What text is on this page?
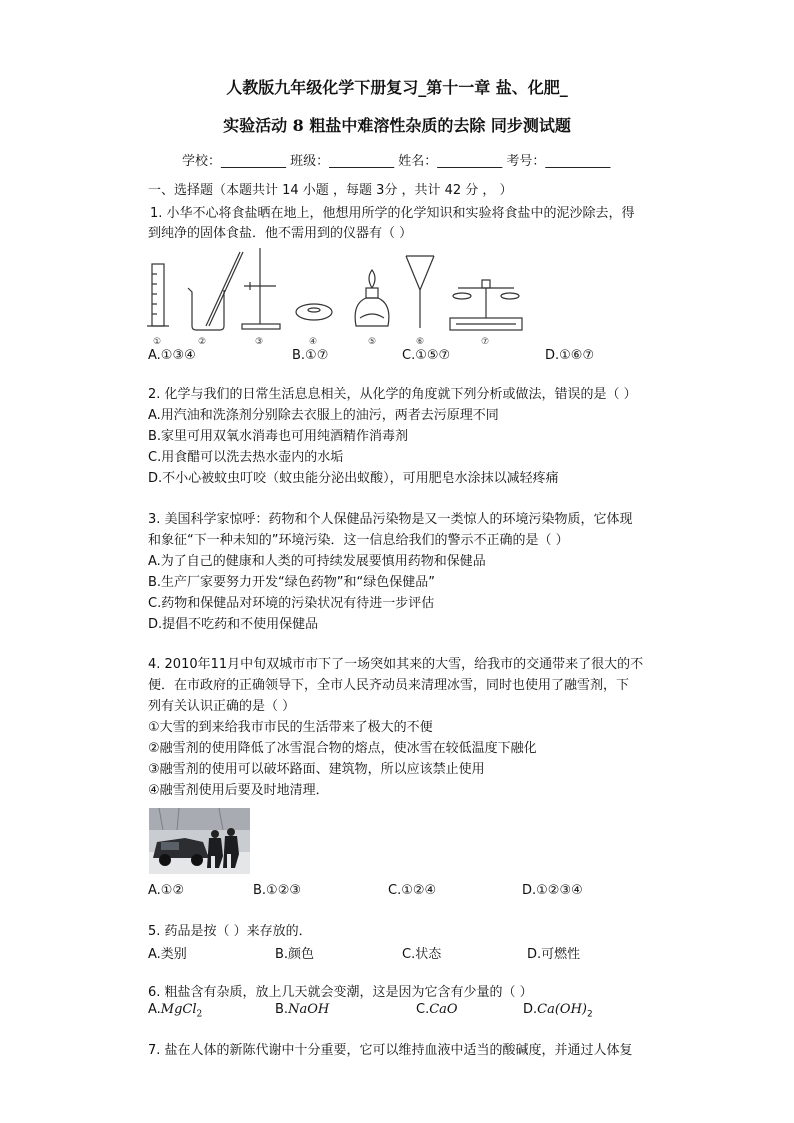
人教版九年级化学下册复习_第十一章 盐、化肥_
实验活动 8 粗盐中难溶性杂质的去除 同步测试题
学校：__________ 班级：__________ 姓名：__________ 考号：__________
一、选择题（本题共计 14 小题 ，每题 3分 ，共计 42 分 ， ）
1. 小华不心将食盐晒在地上，他想用所学的化学知识和实验将食盐中的泥沙除去，得
到纯净的固体食盐．他不需用到的仪器有（ ）
①	②	③	④	⑤	⑥	⑦
A.①③④	B.①⑦	C.①⑤⑦	D.①⑥⑦
2. 化学与我们的日常生活息息相关，从化学的角度就下列分析或做法，错误的是（ ）
A.用汽油和洗涤剂分别除去衣服上的油污，两者去污原理不同
B.家里可用双氧水消毒也可用纯酒精作消毒剂
C.用食醋可以洗去热水壶内的水垢
D.不小心被蚊虫叮咬（蚊虫能分泌出蚁酸），可用肥皂水涂抹以减轻疼痛
3. 美国科学家惊呼：药物和个人保健品污染物是又一类惊人的环境污染物质，它体现
和象征“下一种未知的”环境污染．这一信息给我们的警示不正确的是（ ）
A.为了自己的健康和人类的可持续发展要慎用药物和保健品
B.生产厂家要努力开发“绿色药物”和“绿色保健品”
C.药物和保健品对环境的污染状况有待进一步评估
D.提倡不吃药和不使用保健品
4. 2010年11月中旬双城市市下了一场突如其来的大雪，给我市的交通带来了很大的不
便．在市政府的正确领导下，全市人民齐动员来清理冰雪，同时也使用了融雪剂，下
列有关认识正确的是（ ）
①大雪的到来给我市市民的生活带来了极大的不便
②融雪剂的使用降低了冰雪混合物的熔点，使冰雪在较低温度下融化
③融雪剂的使用可以破坏路面、建筑物，所以应该禁止使用
④融雪剂使用后要及时地清理．
A.①②	B.①②③	C.①②④	D.①②③④
5. 药品是按（ ）来存放的．
A.类别	B.颜色	C.状态	D.可燃性
6. 粗盐含有杂质，放上几天就会变潮，这是因为它含有少量的（ ）
A.MgCl$_2$	B.NaOH	C.CaO	$D.Ca(OH)_2$
7. 盐在人体的新陈代谢中十分重要，它可以维持血液中适当的酸碱度，并通过人体复
